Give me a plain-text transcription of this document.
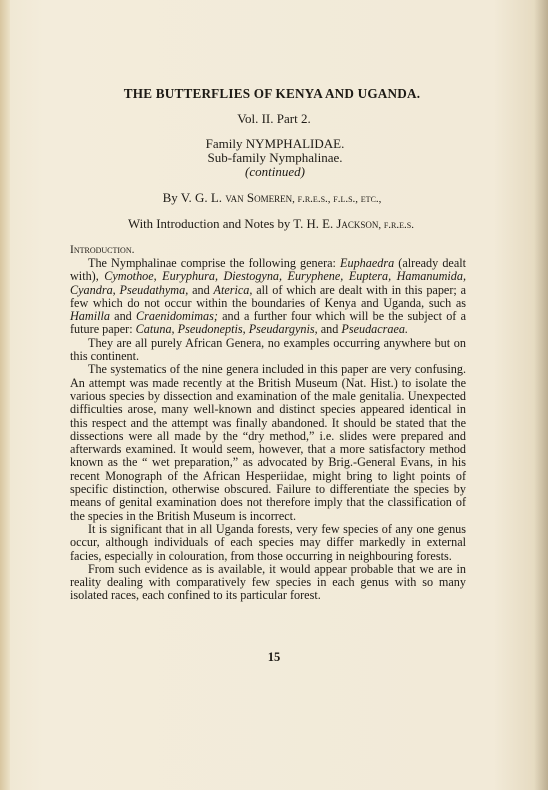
THE BUTTERFLIES OF KENYA AND UGANDA.
Vol. II. Part 2.
Family NYMPHALIDAE.
Sub-family Nymphalinae.
(continued)
By V. G. L. van Someren, f.r.e.s., f.l.s., etc.,
With Introduction and Notes by T. H. E. Jackson, f.r.e.s.
Introduction.

The Nymphalinae comprise the following genera: Euphaedra (already dealt with), Cymothoe, Euryphura, Diestogyna, Euryphene, Euptera, Hamanumida, Cyandra, Pseudathyma, and Aterica, all of which are dealt with in this paper; a few which do not occur within the boundaries of Kenya and Uganda, such as Hamilla and Craenidomimas; and a further four which will be the subject of a future paper: Catuna, Pseudoneptis, Pseudargynis, and Pseudacraea.

They are all purely African Genera, no examples occurring anywhere but on this continent.

The systematics of the nine genera included in this paper are very confusing. An attempt was made recently at the British Museum (Nat. Hist.) to isolate the various species by dissection and examination of the male genitalia. Unexpected difficulties arose, many well-known and distinct species appeared identical in this respect and the attempt was finally abandoned. It should be stated that the dissections were all made by the “dry method,” i.e. slides were prepared and afterwards examined. It would seem, however, that a more satisfactory method known as the “ wet preparation,” as advocated by Brig.-General Evans, in his recent Monograph of the African Hesperiidae, might bring to light points of specific distinction, otherwise obscured. Failure to differentiate the species by means of genital examination does not therefore imply that the classification of the species in the British Museum is incorrect.

It is significant that in all Uganda forests, very few species of any one genus occur, although individuals of each species may differ markedly in external facies, especially in colouration, from those occurring in neighbouring forests.

From such evidence as is available, it would appear probable that we are in reality dealing with comparatively few species in each genus with so many isolated races, each confined to its particular forest.

15
